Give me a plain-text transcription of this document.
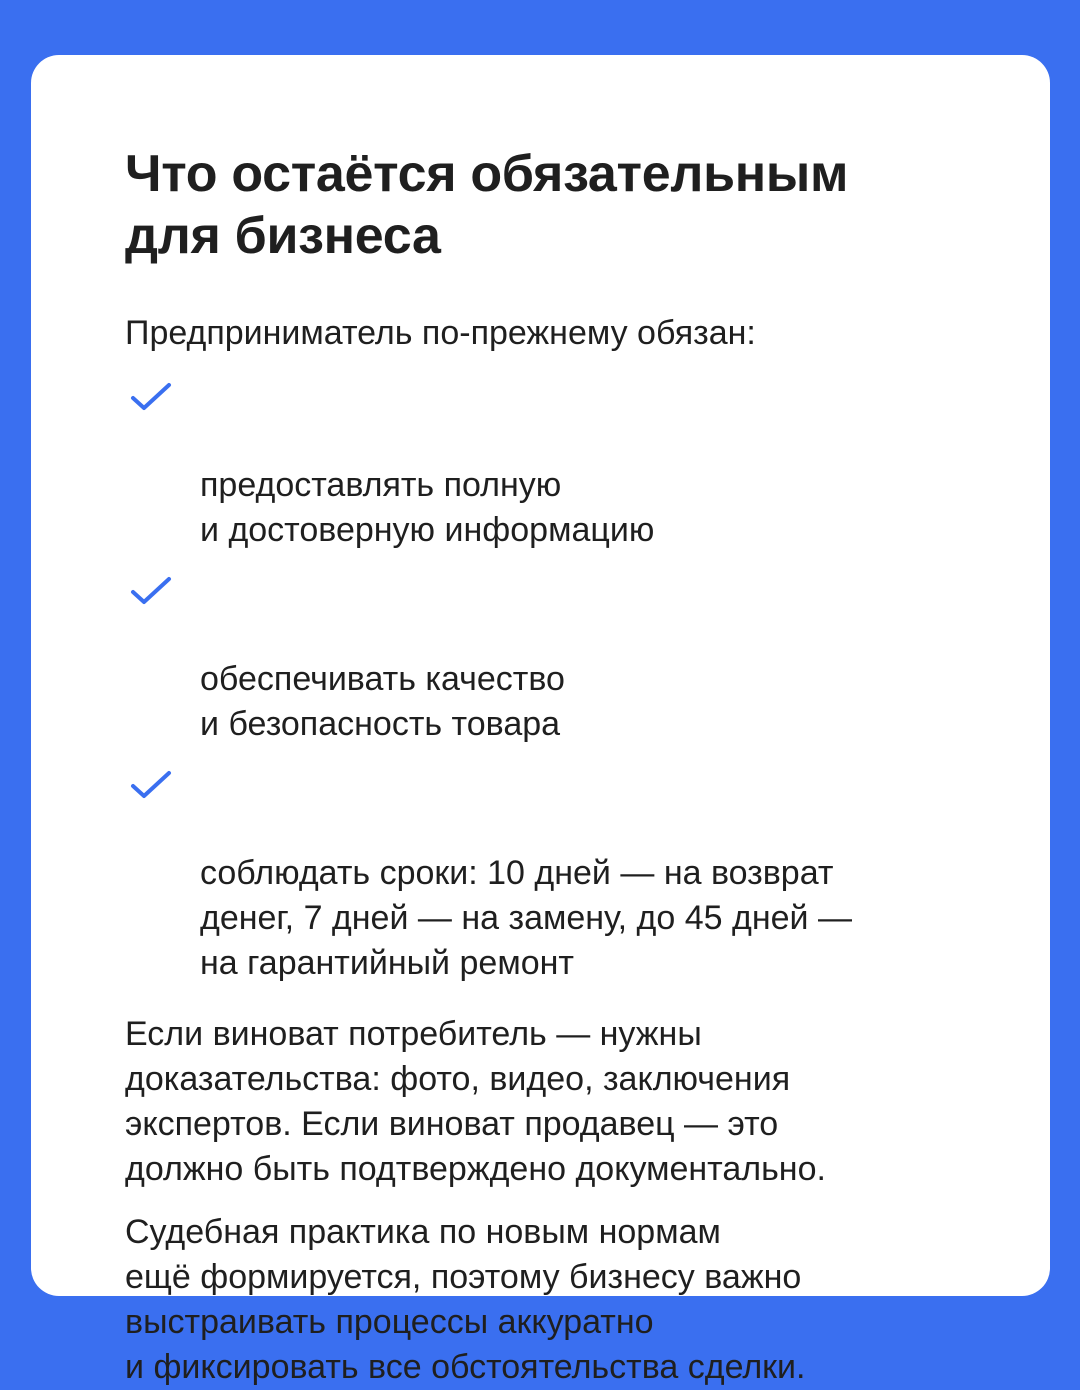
Что остаётся обязательным
для бизнеса
Предприниматель по-прежнему обязан:

предоставлять полную
и достоверную информацию

обеспечивать качество
и безопасность товара

соблюдать сроки: 10 дней — на возврат
денег, 7 дней — на замену, до 45 дней —
на гарантийный ремонт

Если виноват потребитель — нужны
доказательства: фото, видео, заключения
экспертов. Если виноват продавец — это
должно быть подтверждено документально.
Судебная практика по новым нормам
ещё формируется, поэтому бизнесу важно
выстраивать процессы аккуратно
и фиксировать все обстоятельства сделки.
